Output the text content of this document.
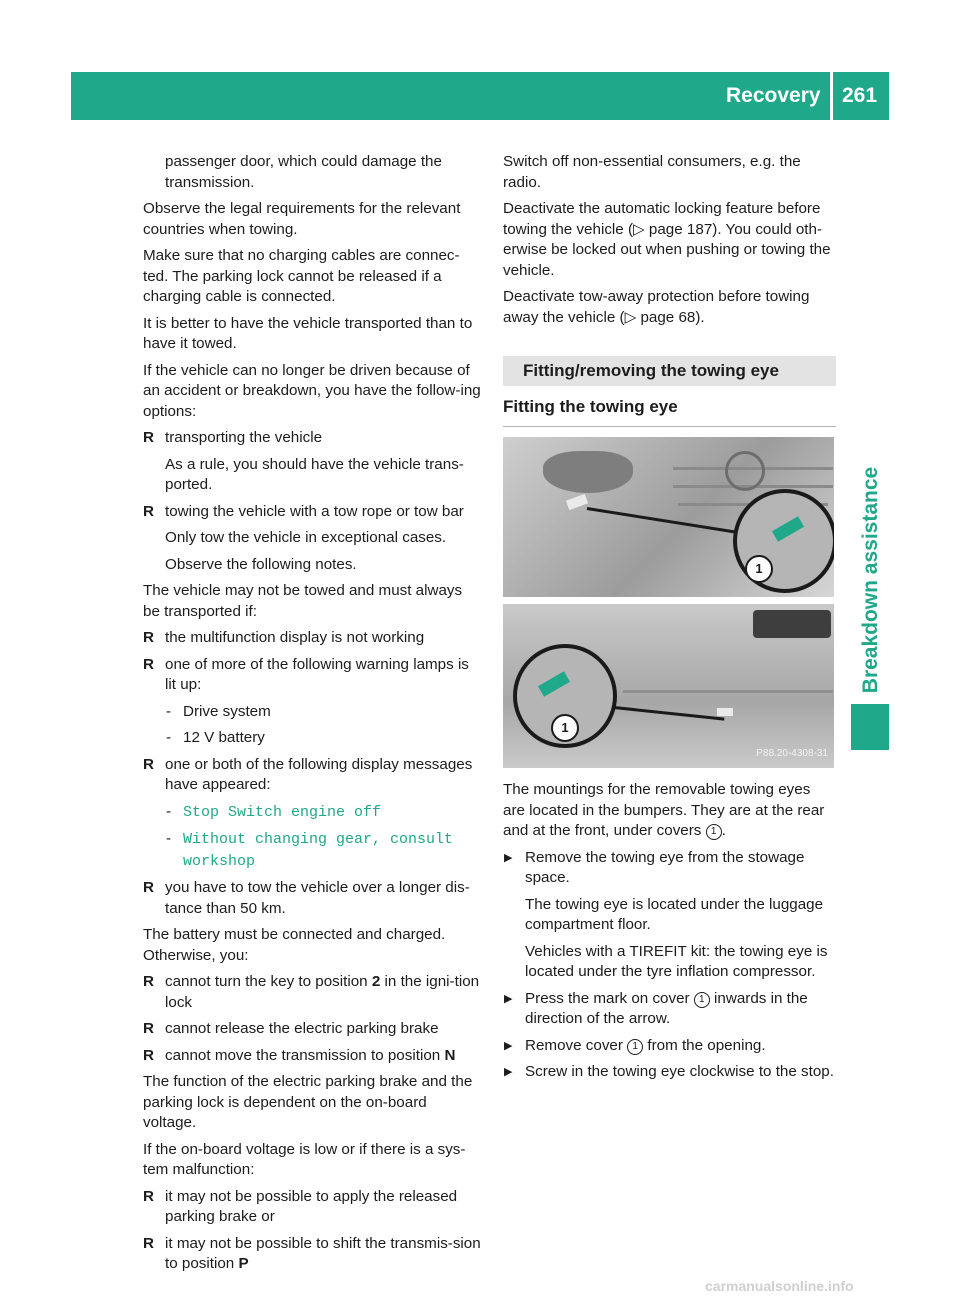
Recovery 261
Breakdown assistance

passenger door, which could damage the transmission.

Observe the legal requirements for the relevant countries when towing.

Make sure that no charging cables are connec-ted. The parking lock cannot be released if a charging cable is connected.

It is better to have the vehicle transported than to have it towed.

If the vehicle can no longer be driven because of an accident or breakdown, you have the follow-ing options:

R transporting the vehicle
As a rule, you should have the vehicle trans-ported.
R towing the vehicle with a tow rope or tow bar
Only tow the vehicle in exceptional cases.
Observe the following notes.

The vehicle may not be towed and must always be transported if:

R the multifunction display is not working
R one of more of the following warning lamps is lit up:
- Drive system
- 12 V battery
R one or both of the following display messages have appeared:
- Stop Switch engine off
- Without changing gear, consult workshop
R you have to tow the vehicle over a longer dis-tance than 50 km.

The battery must be connected and charged. Otherwise, you:

R cannot turn the key to position 2 in the igni-tion lock
R cannot release the electric parking brake
R cannot move the transmission to position N

The function of the electric parking brake and the parking lock is dependent on the on-board voltage.

If the on-board voltage is low or if there is a sys-tem malfunction:

R it may not be possible to apply the released parking brake or
R it may not be possible to shift the transmis-sion to position P

Switch off non-essential consumers, e.g. the radio.

Deactivate the automatic locking feature before towing the vehicle (▷ page 187). You could oth-erwise be locked out when pushing or towing the vehicle.

Deactivate tow-away protection before towing away the vehicle (▷ page 68).

Fitting/removing the towing eye
Fitting the towing eye
1
1
P88.20-4308-31

The mountings for the removable towing eyes are located in the bumpers. They are at the rear and at the front, under covers 1 .

▶ Remove the towing eye from the stowage space.
The towing eye is located under the luggage compartment floor.
Vehicles with a TIREFIT kit: the towing eye is located under the tyre inflation compressor.
▶ Press the mark on cover 1 inwards in the direction of the arrow.
▶ Remove cover 1 from the opening.
▶ Screw in the towing eye clockwise to the stop.
carmanualsonline.info
